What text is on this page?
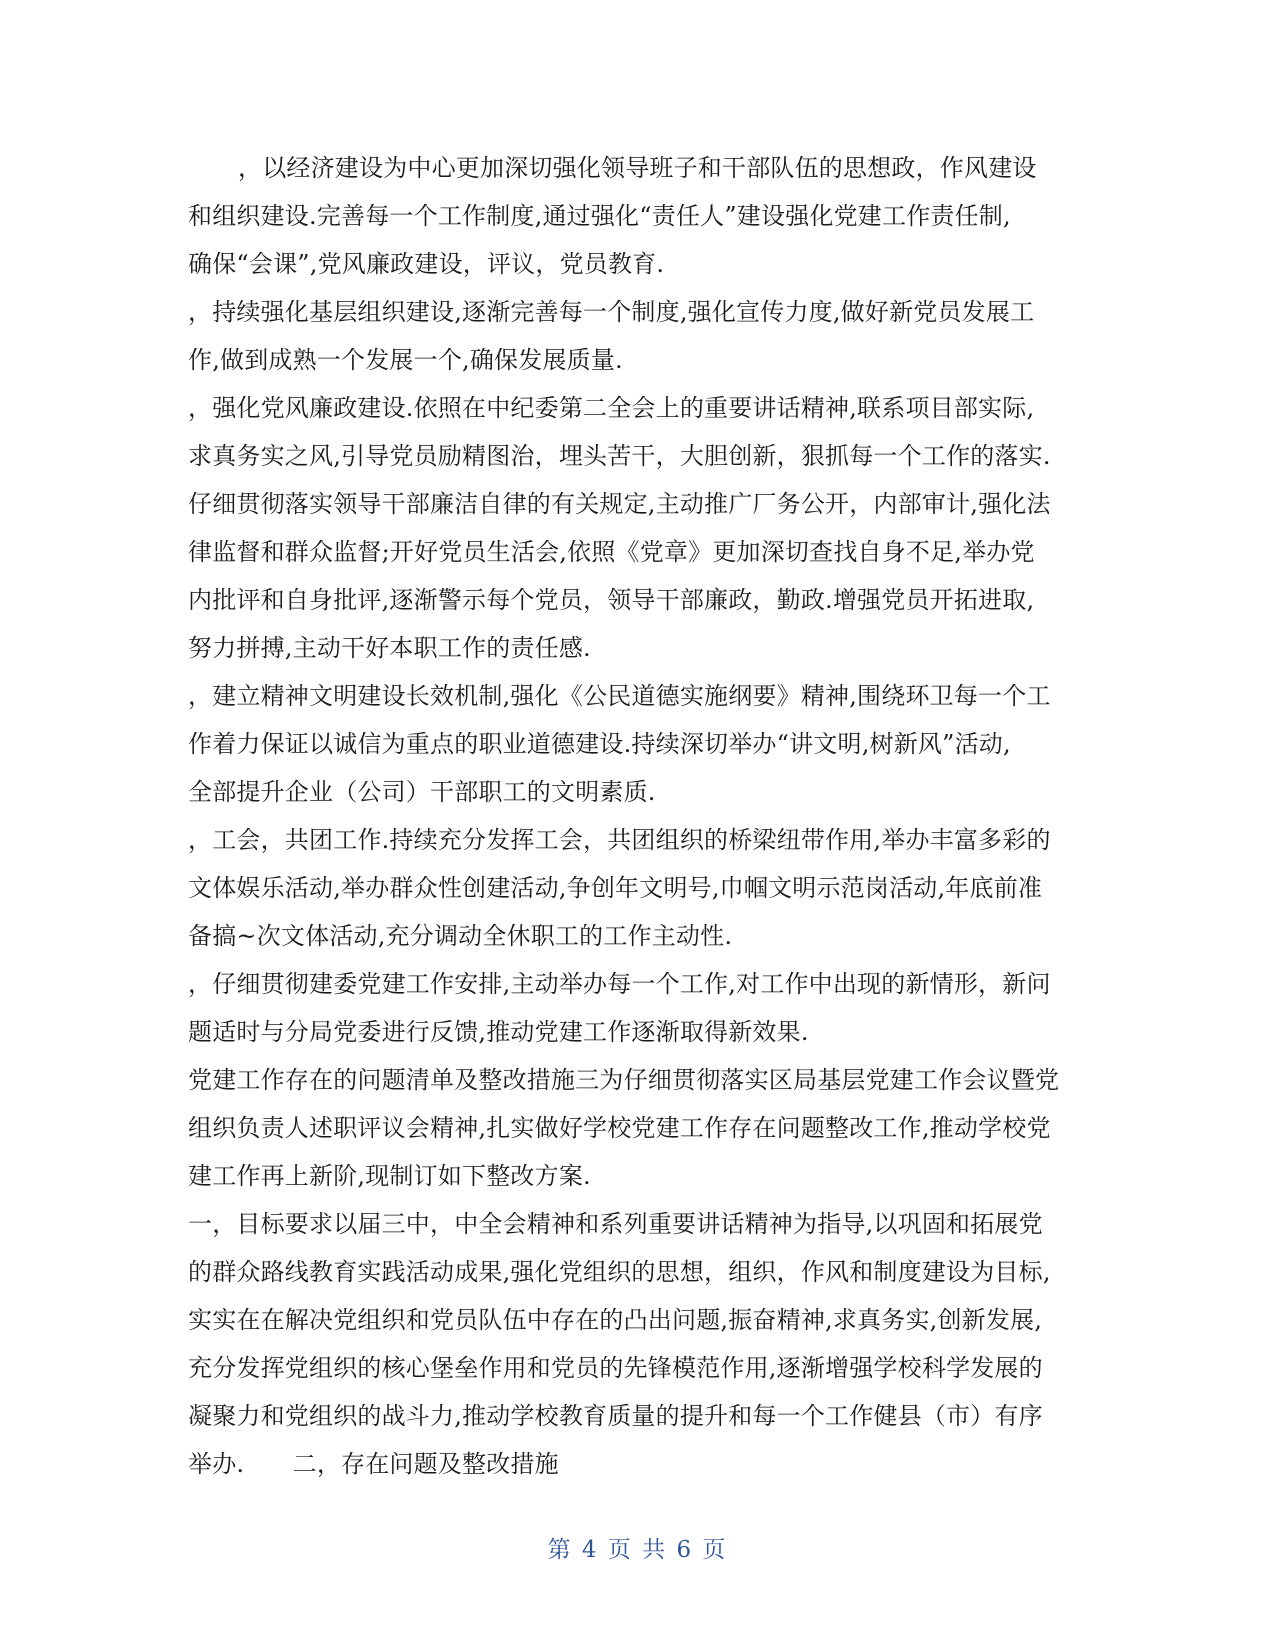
，以经济建设为中心更加深切强化领导班子和干部队伍的思想政，作风建设
和组织建设.完善每一个工作制度,通过强化“责任人”建设强化党建工作责任制,
确保“会课”,党风廉政建设，评议，党员教育.
，持续强化基层组织建设,逐渐完善每一个制度,强化宣传力度,做好新党员发展工
作,做到成熟一个发展一个,确保发展质量.
，强化党风廉政建设.依照在中纪委第二全会上的重要讲话精神,联系项目部实际,
求真务实之风,引导党员励精图治，埋头苦干，大胆创新，狠抓每一个工作的落实.
仔细贯彻落实领导干部廉洁自律的有关规定,主动推广厂务公开，内部审计,强化法
律监督和群众监督;开好党员生活会,依照《党章》更加深切查找自身不足,举办党
内批评和自身批评,逐渐警示每个党员，领导干部廉政，勤政.增强党员开拓进取,
努力拼搏,主动干好本职工作的责任感.
，建立精神文明建设长效机制,强化《公民道德实施纲要》精神,围绕环卫每一个工
作着力保证以诚信为重点的职业道德建设.持续深切举办“讲文明,树新风”活动,
全部提升企业（公司）干部职工的文明素质.
，工会，共团工作.持续充分发挥工会，共团组织的桥梁纽带作用,举办丰富多彩的
文体娱乐活动,举办群众性创建活动,争创年文明号,巾帼文明示范岗活动,年底前准
备搞~次文体活动,充分调动全休职工的工作主动性.
，仔细贯彻建委党建工作安排,主动举办每一个工作,对工作中出现的新情形，新问
题适时与分局党委进行反馈,推动党建工作逐渐取得新效果.
党建工作存在的问题清单及整改措施三为仔细贯彻落实区局基层党建工作会议暨党
组织负责人述职评议会精神,扎实做好学校党建工作存在问题整改工作,推动学校党
建工作再上新阶,现制订如下整改方案.
一，目标要求以届三中，中全会精神和系列重要讲话精神为指导,以巩固和拓展党
的群众路线教育实践活动成果,强化党组织的思想，组织，作风和制度建设为目标,
实实在在解决党组织和党员队伍中存在的凸出问题,振奋精神,求真务实,创新发展,
充分发挥党组织的核心堡垒作用和党员的先锋模范作用,逐渐增强学校科学发展的
凝聚力和党组织的战斗力,推动学校教育质量的提升和每一个工作健县（市）有序
举办.　　二，存在问题及整改措施
第 4 页 共 6 页
